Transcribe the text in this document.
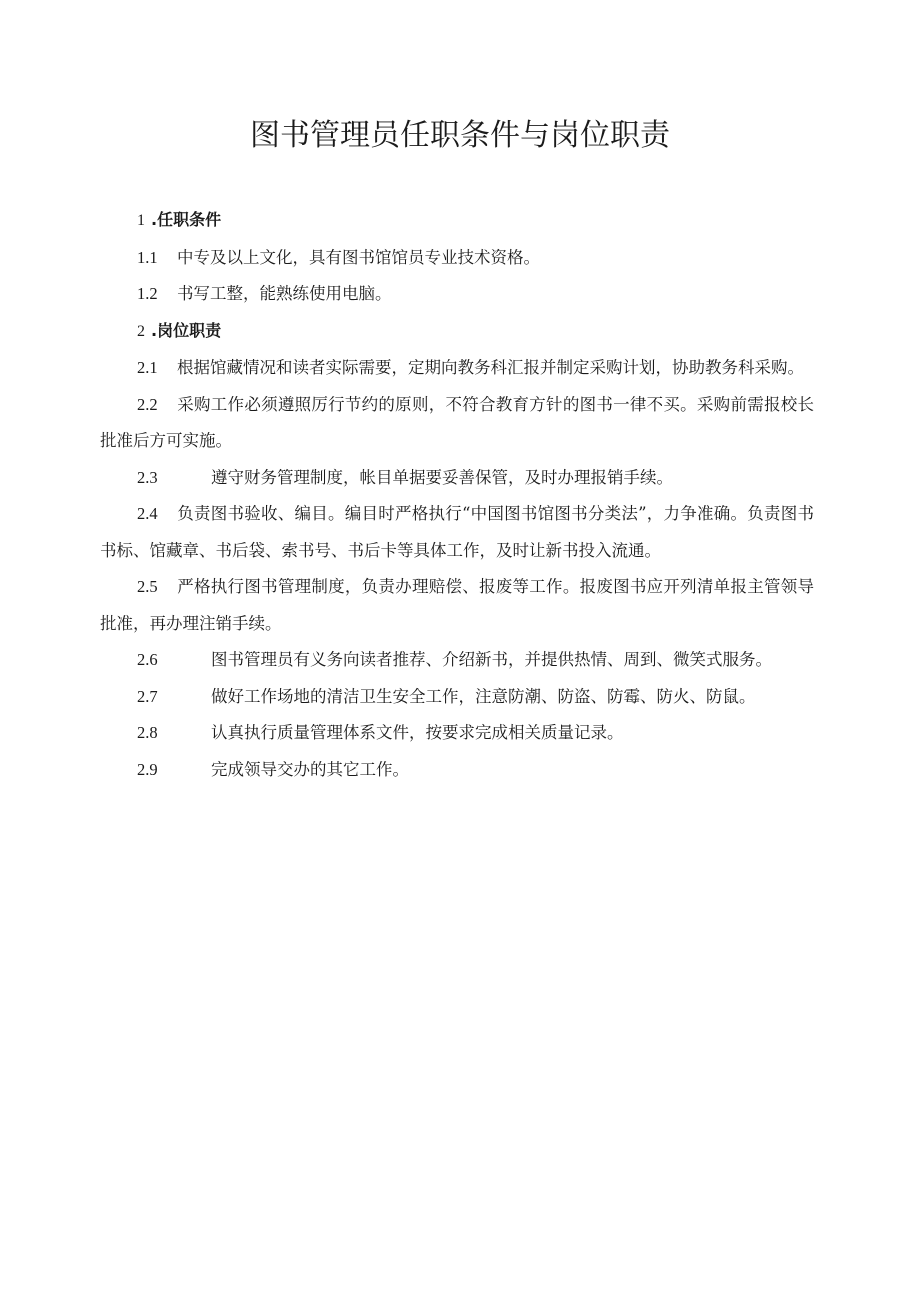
图书管理员任职条件与岗位职责
1 .任职条件
1.1 中专及以上文化，具有图书馆馆员专业技术资格。
1.2 书写工整，能熟练使用电脑。
2 .岗位职责
2.1 根据馆藏情况和读者实际需要，定期向教务科汇报并制定采购计划，协助教务科采购。
2.2 采购工作必须遵照厉行节约的原则，不符合教育方针的图书一律不买。采购前需报校长批准后方可实施。
2.3	遵守财务管理制度，帐目单据要妥善保管，及时办理报销手续。
2.4 负责图书验收、编目。编目时严格执行“中国图书馆图书分类法”，力争准确。负责图书书标、馆藏章、书后袋、索书号、书后卡等具体工作，及时让新书投入流通。
2.5 严格执行图书管理制度，负责办理赔偿、报废等工作。报废图书应开列清单报主管领导批准，再办理注销手续。
2.6	图书管理员有义务向读者推荐、介绍新书，并提供热情、周到、微笑式服务。
2.7	做好工作场地的清洁卫生安全工作，注意防潮、防盗、防霉、防火、防鼠。
2.8	认真执行质量管理体系文件，按要求完成相关质量记录。
2.9	完成领导交办的其它工作。
